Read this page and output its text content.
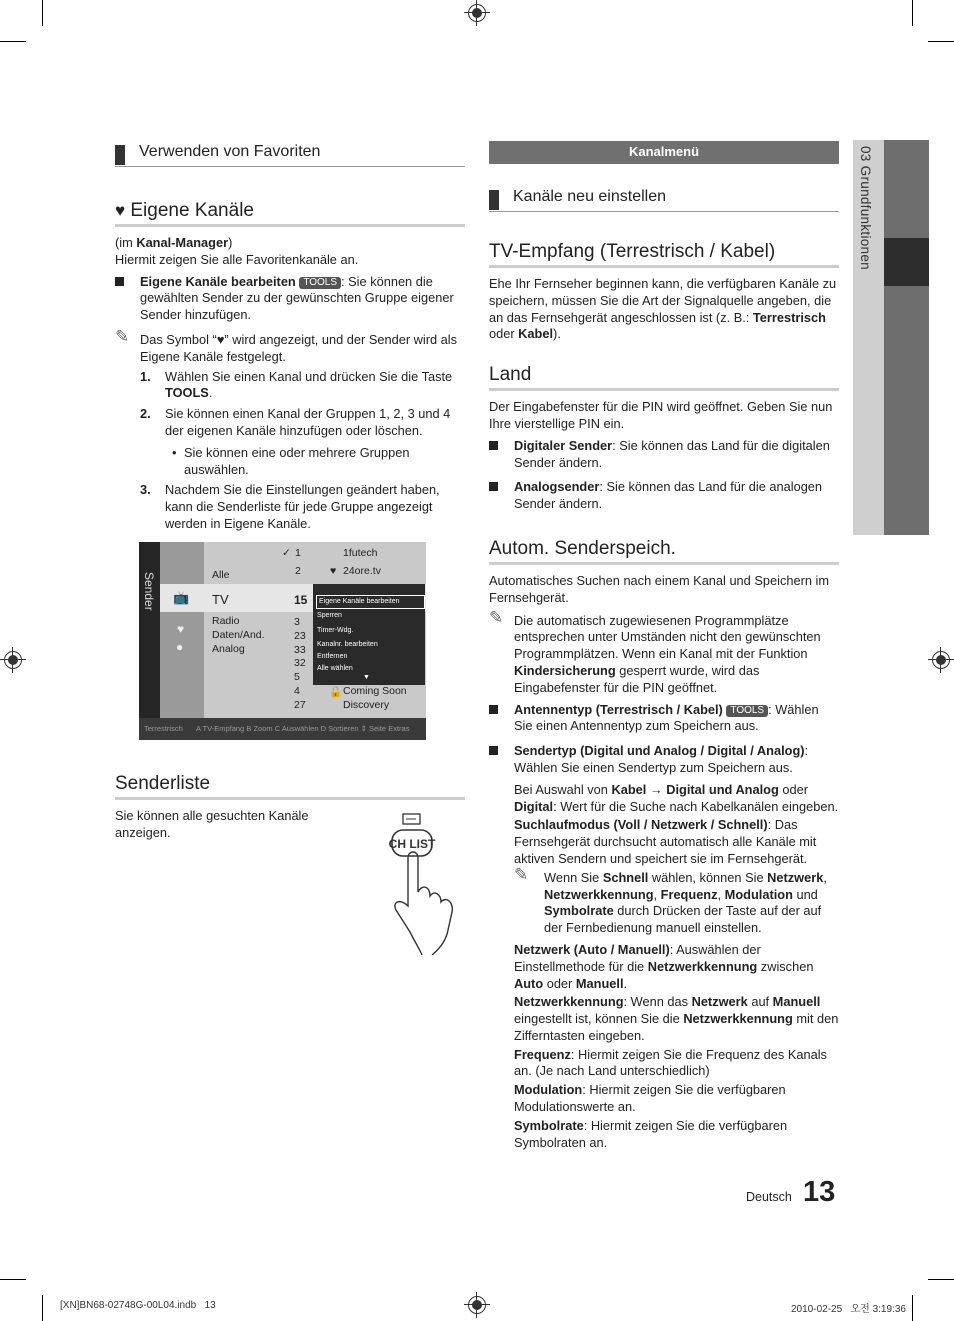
03 Grundfunktionen
Verwenden von Favoriten
♥ Eigene Kanäle

(im Kanal-Manager)

Hiermit zeigen Sie alle Favoritenkanäle an.

Eigene Kanäle bearbeiten TOOLS : Sie können die gewählten Sender zu der gewünschten Gruppe eigener Sender hinzufügen.
✎ Das Symbol “♥” wird angezeigt, und der Sender wird als Eigene Kanäle festgelegt.
1. Wählen Sie einen Kanal und drücken Sie die Taste TOOLS.
2. Sie können einen Kanal der Gruppen 1, 2, 3 und 4 der eigenen Kanäle hinzufügen oder löschen.
• Sie können eine oder mehrere Gruppen auswählen.
3. Nachdem Sie die Einstellungen geändert haben, kann die Senderliste für jede Gruppe angezeigt werden in Eigene Kanäle.
Sender 📺
♥
●
Alle
TV
Radio
Daten/And.
Analog
✓ 1
2
1futech
♥ 24ore.tv
15
3
23
33
32
5
4
27
🔒 Coming Soon
Discovery
Eigene Kanäle bearbeiten
Sperren
Timer-Wdg.
Kanalnr. bearbeiten
Entfernen
Alle wählen
▼
Terrestrisch A TV-Empfang B Zoom C Auswählen D Sortieren ⇕ Seite Extras
Senderliste

Sie können alle gesuchten Kanäle anzeigen.

CH LIST
Kanalmenü
Kanäle neu einstellen
TV-Empfang (Terrestrisch / Kabel)

Ehe Ihr Fernseher beginnen kann, die verfügbaren Kanäle zu speichern, müssen Sie die Art der Signalquelle angeben, die an das Fernsehgerät angeschlossen ist (z. B.: Terrestrisch oder Kabel).

Land

Der Eingabefenster für die PIN wird geöffnet. Geben Sie nun Ihre vierstellige PIN ein.

Digitaler Sender: Sie können das Land für die digitalen Sender ändern.
Analogsender: Sie können das Land für die analogen Sender ändern.
Autom. Senderspeich.

Automatisches Suchen nach einem Kanal und Speichern im Fernsehgerät.

✎ Die automatisch zugewiesenen Programmplätze entsprechen unter Umständen nicht den gewünschten Programmplätzen. Wenn ein Kanal mit der Funktion Kindersicherung gesperrt wurde, wird das Eingabefenster für die PIN geöffnet.
Antennentyp (Terrestrisch / Kabel) TOOLS : Wählen Sie einen Antennentyp zum Speichern aus.
Sendertyp (Digital und Analog / Digital / Analog): Wählen Sie einen Sendertyp zum Speichern aus.

Bei Auswahl von Kabel → Digital und Analog oder Digital: Wert für die Suche nach Kabelkanälen eingeben.

Suchlaufmodus (Voll / Netzwerk / Schnell): Das Fernsehgerät durchsucht automatisch alle Kanäle mit aktiven Sendern und speichert sie im Fernsehgerät.

✎ Wenn Sie Schnell wählen, können Sie Netzwerk, Netzwerkkennung, Frequenz, Modulation und Symbolrate durch Drücken der Taste auf der auf der Fernbedienung manuell einstellen.

Netzwerk (Auto / Manuell): Auswählen der Einstellmethode für die Netzwerkkennung zwischen Auto oder Manuell.

Netzwerkkennung: Wenn das Netzwerk auf Manuell eingestellt ist, können Sie die Netzwerkkennung mit den Zifferntasten eingeben.

Frequenz: Hiermit zeigen Sie die Frequenz des Kanals an. (Je nach Land unterschiedlich)

Modulation: Hiermit zeigen Sie die verfügbaren Modulationswerte an.

Symbolrate: Hiermit zeigen Sie die verfügbaren Symbolraten an.

Deutsch 13
[XN]BN68-02748G-00L04.indb   13	2010-02-25   오전 3:19:36
